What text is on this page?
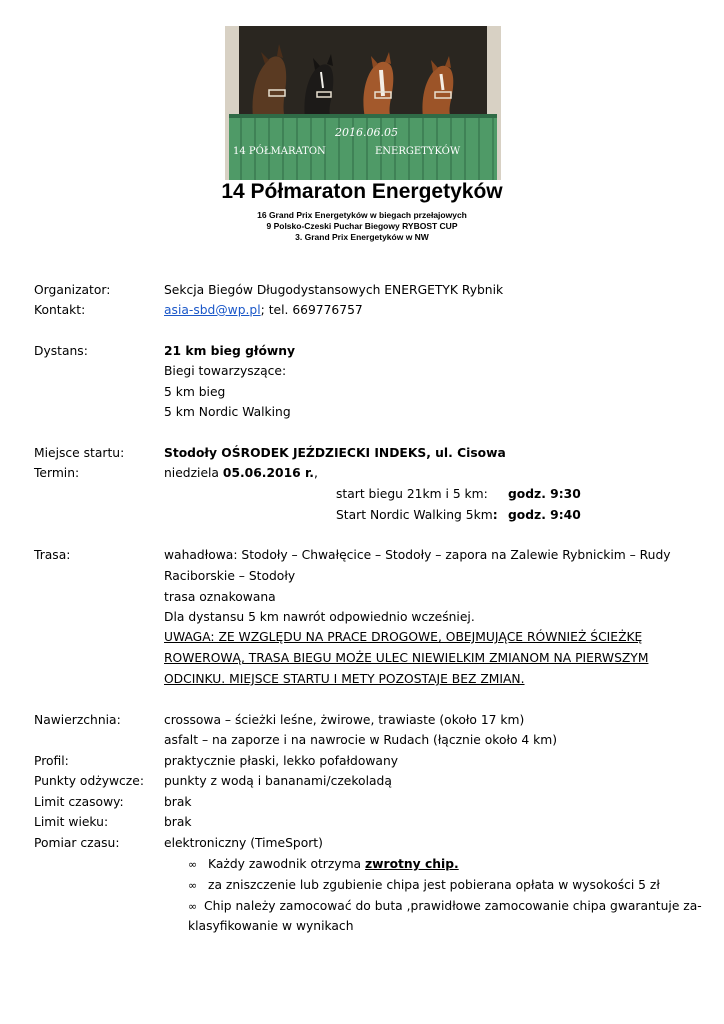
2016.06.05
14 PÓŁMARATON	ENERGETYKÓW
14 Półmaraton Energetyków
16 Grand Prix Energetyków w biegach przełajowych
9 Polsko-Czeski Puchar Biegowy RYBOST CUP
3. Grand Prix Energetyków w NW
Organizator:	Sekcja Biegów Długodystansowych ENERGETYK Rybnik
Kontakt:	asia-sbd@wp.pl; tel. 669776757
Dystans:	21 km bieg główny
Biegi towarzyszące:
5 km bieg
5 km Nordic Walking
Miejsce startu:	Stodoły OŚRODEK JEŹDZIECKI INDEKS, ul. Cisowa
Termin:	niedziela 05.06.2016 r.,
start biegu 21km i 5 km: godz. 9:30
Start Nordic Walking 5km: godz. 9:40
Trasa:	wahadłowa: Stodoły – Chwałęcice – Stodoły – zapora na Zalewie Rybnickim – Rudy
Raciborskie – Stodoły
trasa oznakowana
Dla dystansu 5 km nawrót odpowiednio wcześniej.
UWAGA: ZE WZGLĘDU NA PRACE DROGOWE, OBEJMUJĄCE RÓWNIEŻ ŚCIEŻKĘ
ROWEROWĄ, TRASA BIEGU MOŻE ULEC NIEWIELKIM ZMIANOM NA PIERWSZYM
ODCINKU. MIEJSCE STARTU I METY POZOSTAJE BEZ ZMIAN.
Nawierzchnia:	crossowa – ścieżki leśne, żwirowe, trawiaste (około 17 km)
asfalt – na zaporze i na nawrocie w Rudach (łącznie około 4 km)
Profil:	praktycznie płaski, lekko pofałdowany
Punkty odżywcze: punkty z wodą i bananami/czekoladą
Limit czasowy:	brak
Limit wieku:	brak
Pomiar czasu:	elektroniczny (TimeSport)
∞ Każdy zawodnik otrzyma zwrotny chip.
∞ za zniszczenie lub zgubienie chipa jest pobierana opłata w wysokości 5 zł
∞ Chip należy zamocować do buta ,prawidłowe zamocowanie chipa gwarantuje za-
klasyfikowanie w wynikach
